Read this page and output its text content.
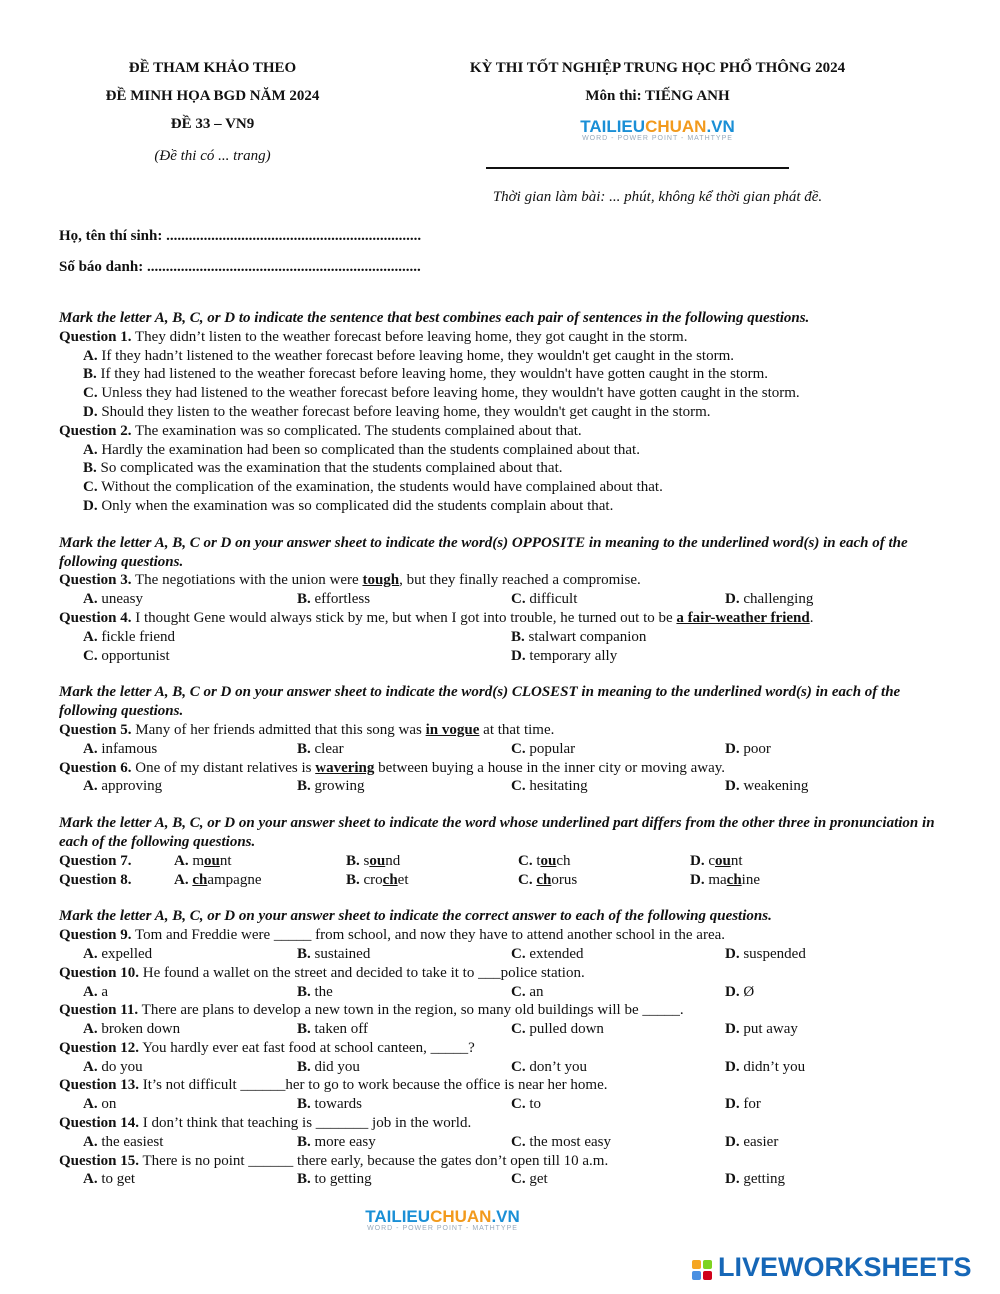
ĐỀ THAM KHẢO THEO
ĐỀ MINH HỌA BGD NĂM 2024
ĐỀ 33 – VN9
(Đề thi có ... trang)
KỲ THI TỐT NGHIỆP TRUNG HỌC PHỔ THÔNG 2024
Môn thi: TIẾNG ANH
TAILIEUCHUAN.VN
WORD - POWER POINT - MATHTYPE
Thời gian làm bài: ... phút, không kể thời gian phát đề.
Họ, tên thí sinh: ....................................................................
Số báo danh: .........................................................................
Mark the letter A, B, C, or D to indicate the sentence that best combines each pair of sentences in the following questions.
Question 1. They didn’t listen to the weather forecast before leaving home, they got caught in the storm.
A. If they hadn’t listened to the weather forecast before leaving home, they wouldn't get caught in the storm.
B. If they had listened to the weather forecast before leaving home, they wouldn't have gotten caught in the storm.
C. Unless they had listened to the weather forecast before leaving home, they wouldn't have gotten caught in the storm.
D. Should they listen to the weather forecast before leaving home, they wouldn't get caught in the storm.
Question 2. The examination was so complicated. The students complained about that.
A. Hardly the examination had been so complicated than the students complained about that.
B. So complicated was the examination that the students complained about that.
C. Without the complication of the examination, the students would have complained about that.
D. Only when the examination was so complicated did the students complain about that.
Mark the letter A, B, C or D on your answer sheet to indicate the word(s) OPPOSITE in meaning to the underlined word(s) in each of the following questions.
Question 3. The negotiations with the union were tough, but they finally reached a compromise.
A. uneasy	B. effortless	C. difficult	D. challenging
Question 4. I thought Gene would always stick by me, but when I got into trouble, he turned out to be a fair-weather friend.
A. fickle friend	B. stalwart companion
C. opportunist	D. temporary ally
Mark the letter A, B, C or D on your answer sheet to indicate the word(s) CLOSEST in meaning to the underlined word(s) in each of the following questions.
Question 5. Many of her friends admitted that this song was in vogue at that time.
A. infamous	B. clear	C. popular	D. poor
Question 6. One of my distant relatives is wavering between buying a house in the inner city or moving away.
A. approving	B. growing	C. hesitating	D. weakening
Mark the letter A, B, C, or D on your answer sheet to indicate the word whose underlined part differs from the other three in pronunciation in each of the following questions.
Question 7.	A. mount	B. sound	C. touch	D. count
Question 8.	A. champagne	B. crochet	C. chorus	D. machine
Mark the letter A, B, C, or D on your answer sheet to indicate the correct answer to each of the following questions.
Question 9. Tom and Freddie were _____ from school, and now they have to attend another school in the area.
A. expelled	B. sustained	C. extended	D. suspended
Question 10. He found a wallet on the street and decided to take it to ___police station.
A. a	B. the	C. an	D. Ø
Question 11. There are plans to develop a new town in the region, so many old buildings will be _____.
A. broken down	B. taken off	C. pulled down	D. put away
Question 12. You hardly ever eat fast food at school canteen, _____?
A. do you	B. did you	C. don’t you	D. didn’t you
Question 13. It’s not difficult ______her to go to work because the office is near her home.
A. on	B. towards	C. to	D. for
Question 14. I don’t think that teaching is _______ job in the world.
A. the easiest	B. more easy	C. the most easy	D. easier
Question 15. There is no point ______ there early, because the gates don’t open till 10 a.m.
A. to get	B. to getting	C. get	D. getting
TAILIEUCHUAN.VN
WORD - POWER POINT - MATHTYPE
LIVEWORKSHEETS
